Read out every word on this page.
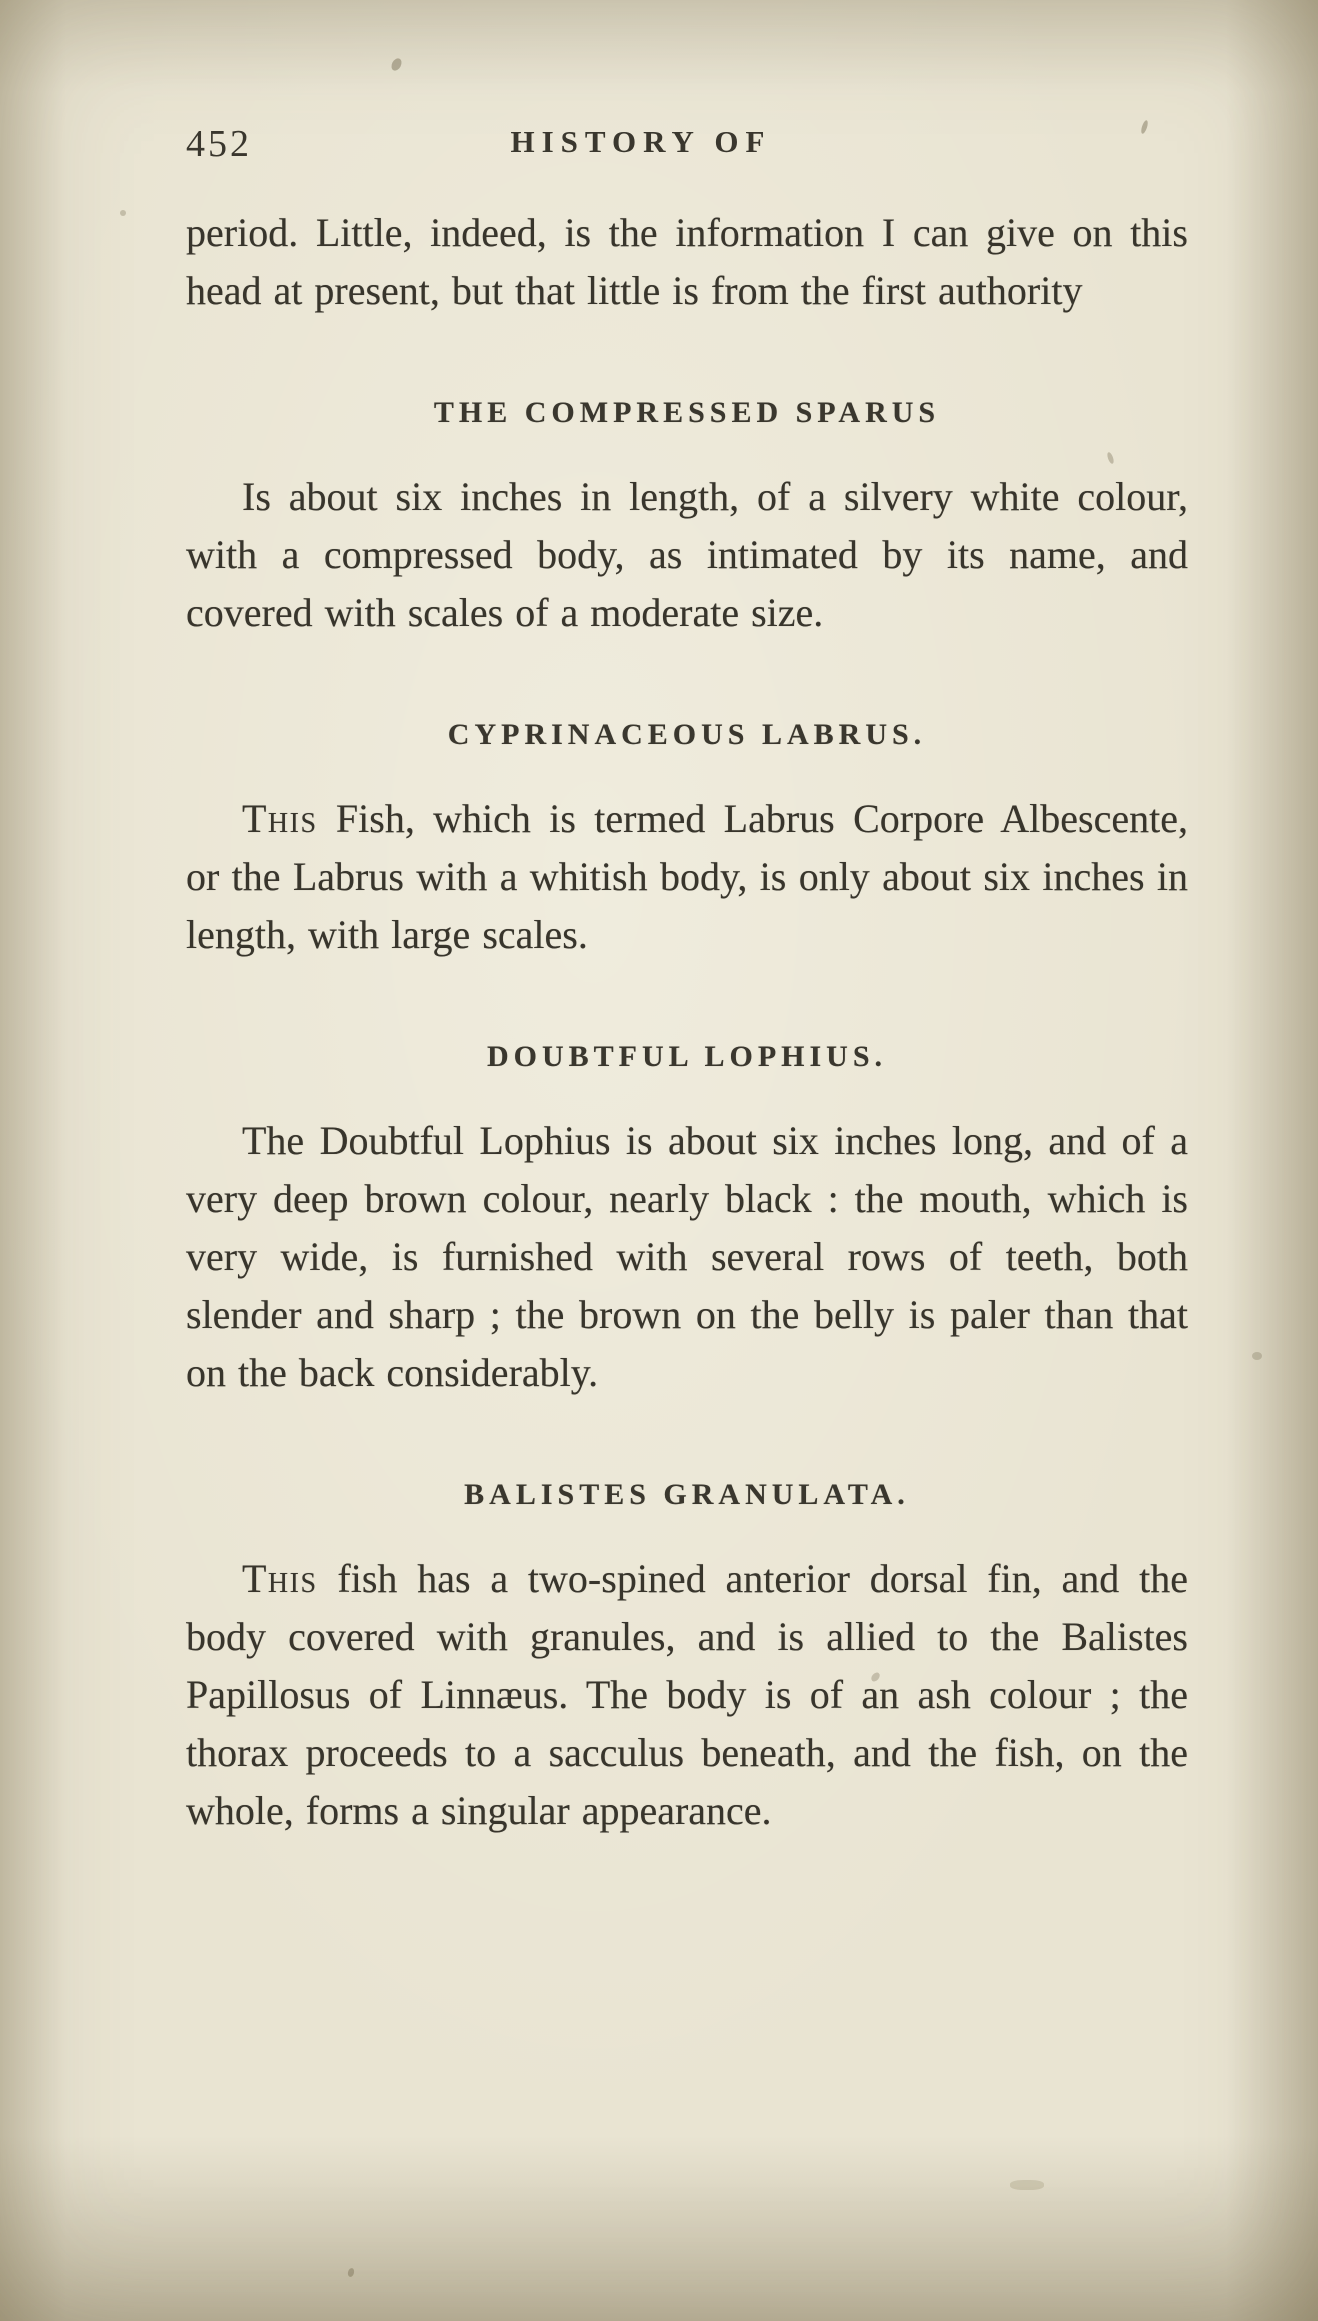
452	HISTORY OF

period. Little, indeed, is the information I can give on this head at present, but that little is from the first authority

THE COMPRESSED SPARUS

Is about six inches in length, of a silvery white colour, with a compressed body, as intimated by its name, and covered with scales of a moderate size.

CYPRINACEOUS LABRUS.

This Fish, which is termed Labrus Corpore Albescente, or the Labrus with a whitish body, is only about six inches in length, with large scales.

DOUBTFUL LOPHIUS.

The Doubtful Lophius is about six inches long, and of a very deep brown colour, nearly black : the mouth, which is very wide, is furnished with several rows of teeth, both slender and sharp ; the brown on the belly is paler than that on the back considerably.

BALISTES GRANULATA.

This fish has a two-spined anterior dorsal fin, and the body covered with granules, and is allied to the Balistes Papillosus of Linnæus. The body is of an ash colour ; the thorax proceeds to a sacculus beneath, and the fish, on the whole, forms a singular appearance.
